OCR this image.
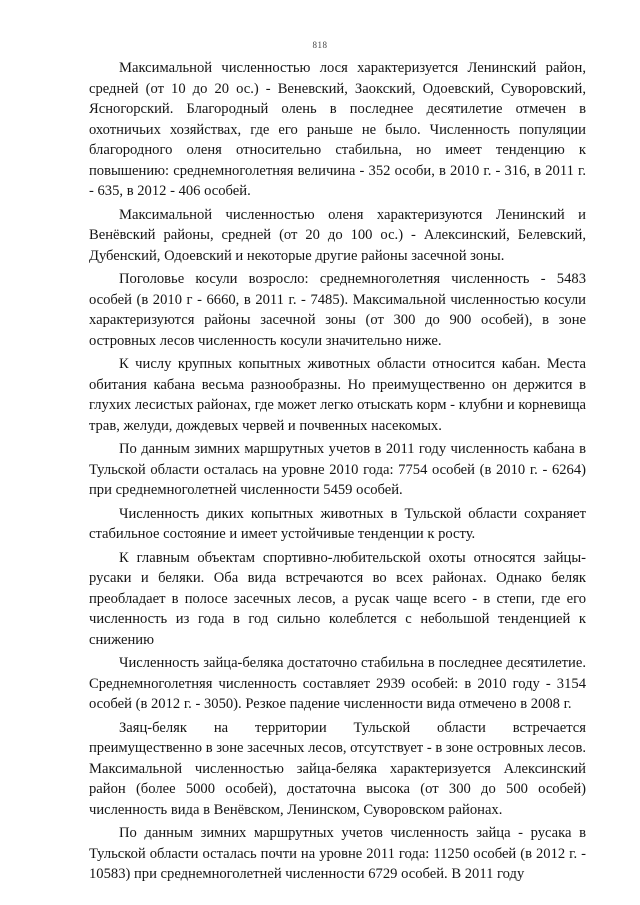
818

Максимальной численностью лося характеризуется Ленинский район, средней (от 10 до 20 ос.) - Веневский, Заокский, Одоевский, Суворовский, Ясногорский. Благородный олень в последнее десятилетие отмечен в охотничьих хозяйствах, где его раньше не было. Численность популяции благородного оленя относительно стабильна, но имеет тенденцию к повышению: среднемноголетняя величина - 352 особи, в 2010 г. - 316, в 2011 г. - 635, в 2012 - 406 особей.

Максимальной численностью оленя характеризуются Ленинский и Венёвский районы, средней (от 20 до 100 ос.) - Алексинский, Белевский, Дубенский, Одоевский и некоторые другие районы засечной зоны.

Поголовье косули возросло: среднемноголетняя численность - 5483 особей (в 2010 г - 6660, в 2011 г. - 7485). Максимальной численностью косули характеризуются районы засечной зоны (от 300 до 900 особей), в зоне островных лесов численность косули значительно ниже.

К числу крупных копытных животных области относится кабан. Места обитания кабана весьма разнообразны. Но преимущественно он держится в глухих лесистых районах, где может легко отыскать корм - клубни и корневища трав, желуди, дождевых червей и почвенных насекомых.

По данным зимних маршрутных учетов в 2011 году численность кабана в Тульской области осталась на уровне 2010 года: 7754 особей (в 2010 г. - 6264) при среднемноголетней численности 5459 особей.

Численность диких копытных животных в Тульской области сохраняет стабильное состояние и имеет устойчивые тенденции к росту.

К главным объектам спортивно-любительской охоты относятся зайцы-русаки и беляки. Оба вида встречаются во всех районах. Однако беляк преобладает в полосе засечных лесов, а русак чаще всего - в степи, где его численность из года в год сильно колеблется с небольшой тенденцией к снижению

Численность зайца-беляка достаточно стабильна в последнее десятилетие. Среднемноголетняя численность составляет 2939 особей: в 2010 году - 3154 особей (в 2012 г. - 3050). Резкое падение численности вида отмечено в 2008 г.

Заяц-беляк на территории Тульской области встречается преимущественно в зоне засечных лесов, отсутствует - в зоне островных лесов. Максимальной численностью зайца-беляка характеризуется Алексинский район (более 5000 особей), достаточна высока (от 300 до 500 особей) численность вида в Венёвском, Ленинском, Суворовском районах.

По данным зимних маршрутных учетов численность зайца - русака в Тульской области осталась почти на уровне 2011 года: 11250 особей (в 2012 г. - 10583) при среднемноголетней численности 6729 особей. В 2011 году
